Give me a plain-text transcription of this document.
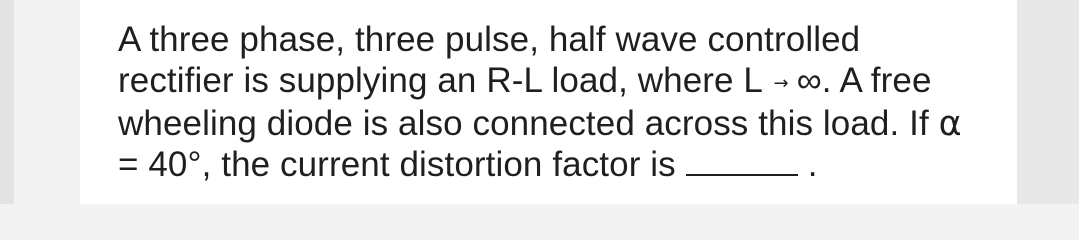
A three phase, three pulse, half wave controlled
rectifier is supplying an R-L load, where L → ∞. A free
wheeling diode is also connected across this load. If α
= 40°, the current distortion factor is	.
